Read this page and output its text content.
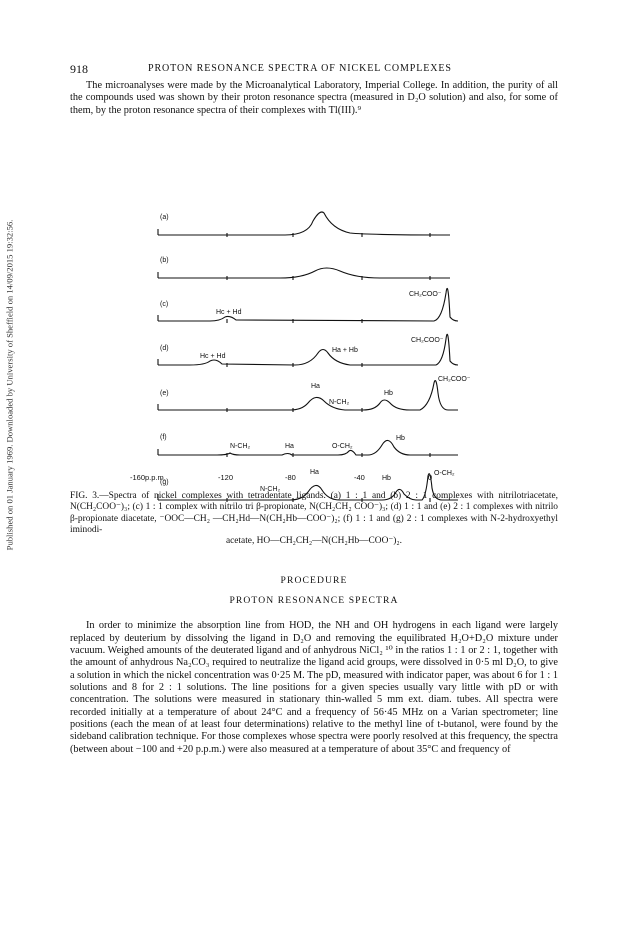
Published on 01 January 1969. Downloaded by University of Sheffield on 14/09/2015 19:32:56.
918	PROTON RESONANCE SPECTRA OF NICKEL COMPLEXES

The microanalyses were made by the Microanalytical Laboratory, Imperial College. In addition, the purity of all the compounds used was shown by their proton resonance spectra (measured in D₂O solution) and also, for some of them, by the proton resonance spectra of their complexes with Tl(III).⁹

(a)
(b)
(c)
(d)
(e)
(f)
(g)
Hc + Hd
CH₂COO⁻
Hc + Hd
Ha + Hb
CH₂COO⁻
Ha
N-CH₂
Hb
CH₂COO⁻
N-CH₂	Ha	O-CH₂
Hb
Ha
N-CH₂
Hb
O-CH₂
-160p.p.m.	-120	-80	-40	0

FIG. 3.—Spectra of nickel complexes with tetradentate ligands. (a) 1 : 1 and (b) 2 : 1 complexes with nitrilotriacetate, N(CH₂COO⁻)₃; (c) 1 : 1 complex with nitrilo tri β-propionate, N(CH₂CH₂ COO⁻)₃; (d) 1 : 1 and (e) 2 : 1 complexes with nitrilo β-propionate diacetate, ⁻OOC—CH₂ —CH₂Hd—N(CH₂Hb—COO⁻)₂; (f) 1 : 1 and (g) 2 : 1 complexes with N-2-hydroxyethyl iminodi-
acetate, HO—CH₂CH₂—N(CH₂Hb—COO⁻)₂.

PROCEDURE
PROTON RESONANCE SPECTRA

In order to minimize the absorption line from HOD, the NH and OH hydrogens in each ligand were largely replaced by deuterium by dissolving the ligand in D₂O and removing the equilibrated H₂O+D₂O mixture under vacuum. Weighed amounts of the deuterated ligand and of anhydrous NiCl₂ ¹⁰ in the ratios 1 : 1 or 2 : 1, together with the amount of anhydrous Na₂CO₃ required to neutralize the ligand acid groups, were dissolved in 0·5 ml D₂O, to give a solution in which the nickel concentration was 0·25 M. The pD, measured with indicator paper, was about 6 for 1 : 1 solutions and 8 for 2 : 1 solutions. The line positions for a given species usually vary little with pD or with concentration. The solutions were measured in stationary thin-walled 5 mm ext. diam. tubes. All spectra were recorded initially at a temperature of about 24°C and a frequency of 56·45 MHz on a Varian spectrometer; line positions (each the mean of at least four determinations) relative to the methyl line of t-butanol, were found by the sideband calibration technique. For those complexes whose spectra were poorly resolved at this frequency, the spectra (between about −100 and +20 p.p.m.) were also measured at a temperature of about 35°C and frequency of
